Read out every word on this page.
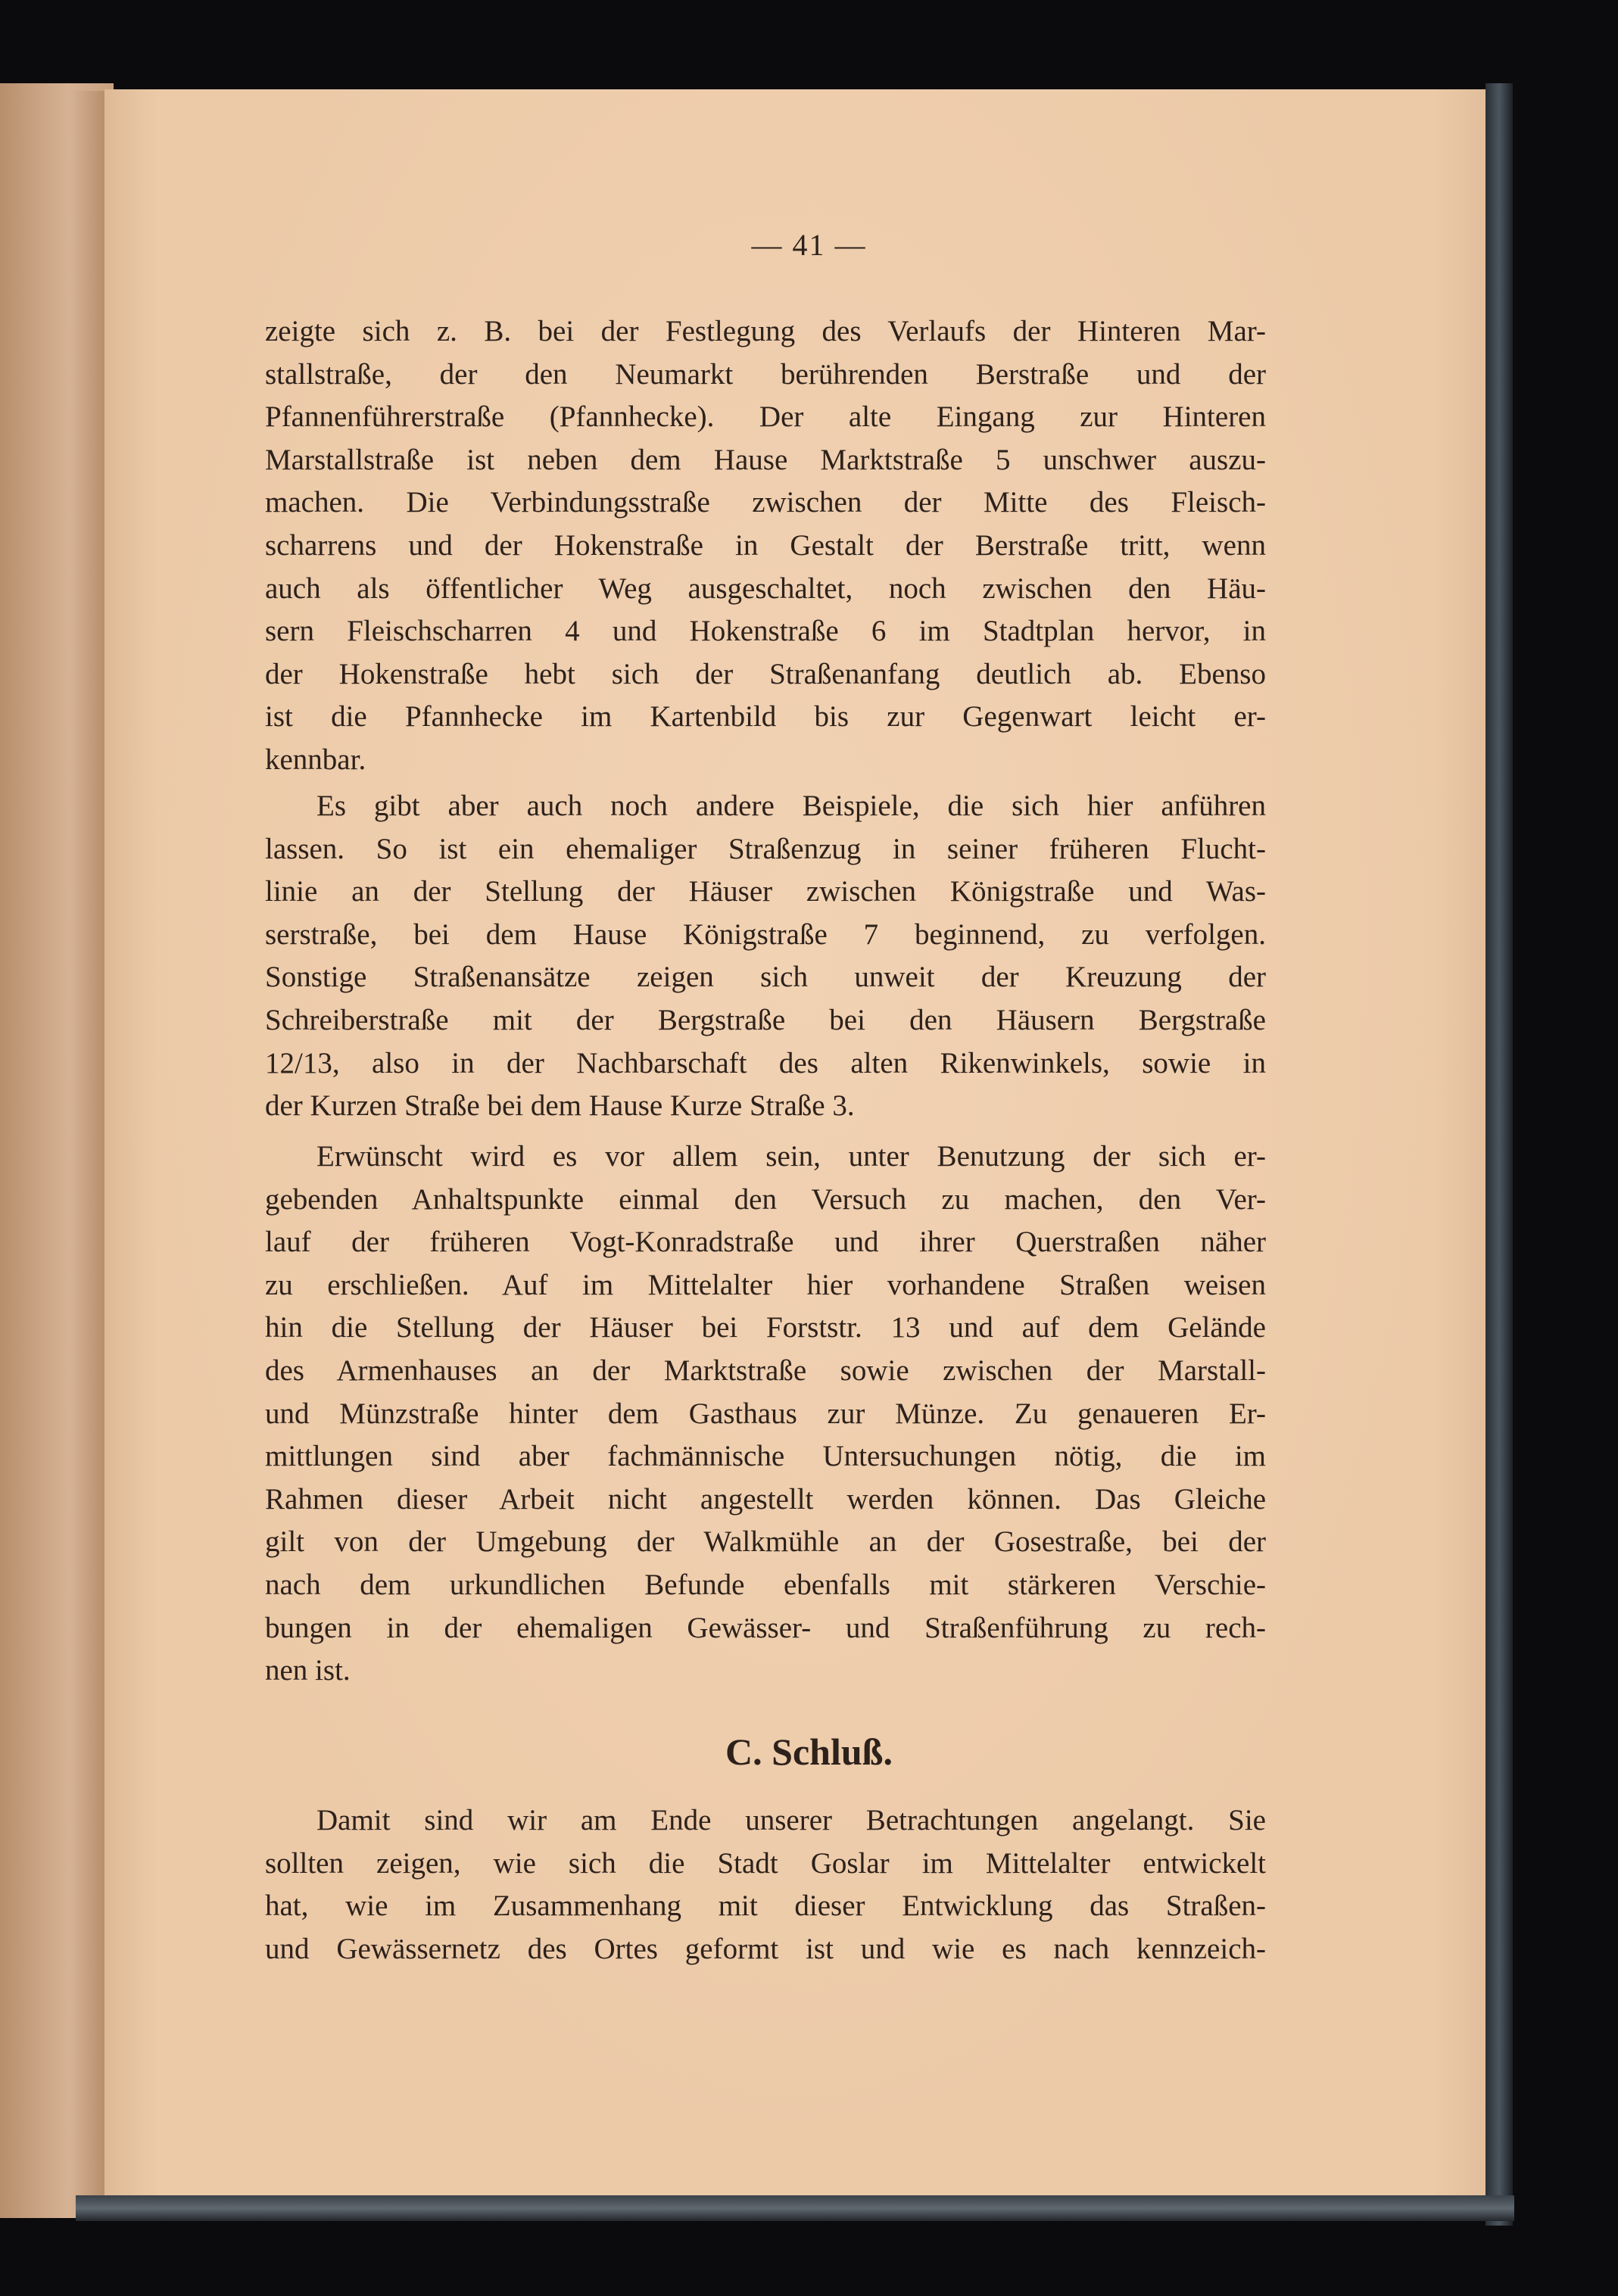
— 41 —
zeigte sich z. B. bei der Festlegung des Verlaufs der Hinteren Mar-
stallstraße, der den Neumarkt berührenden Berstraße und der
Pfannenführerstraße (Pfannhecke). Der alte Eingang zur Hinteren
Marstallstraße ist neben dem Hause Marktstraße 5 unschwer auszu-
machen. Die Verbindungsstraße zwischen der Mitte des Fleisch-
scharrens und der Hokenstraße in Gestalt der Berstraße tritt, wenn
auch als öffentlicher Weg ausgeschaltet, noch zwischen den Häu-
sern Fleischscharren 4 und Hokenstraße 6 im Stadtplan hervor, in
der Hokenstraße hebt sich der Straßenanfang deutlich ab. Ebenso
ist die Pfannhecke im Kartenbild bis zur Gegenwart leicht er-
kennbar.
Es gibt aber auch noch andere Beispiele, die sich hier anführen
lassen. So ist ein ehemaliger Straßenzug in seiner früheren Flucht-
linie an der Stellung der Häuser zwischen Königstraße und Was-
serstraße, bei dem Hause Königstraße 7 beginnend, zu verfolgen.
Sonstige Straßenansätze zeigen sich unweit der Kreuzung der
Schreiberstraße mit der Bergstraße bei den Häusern Bergstraße
12/13, also in der Nachbarschaft des alten Rikenwinkels, sowie in
der Kurzen Straße bei dem Hause Kurze Straße 3.
Erwünscht wird es vor allem sein, unter Benutzung der sich er-
gebenden Anhaltspunkte einmal den Versuch zu machen, den Ver-
lauf der früheren Vogt-Konradstraße und ihrer Querstraßen näher
zu erschließen. Auf im Mittelalter hier vorhandene Straßen weisen
hin die Stellung der Häuser bei Forststr. 13 und auf dem Gelände
des Armenhauses an der Marktstraße sowie zwischen der Marstall-
und Münzstraße hinter dem Gasthaus zur Münze. Zu genaueren Er-
mittlungen sind aber fachmännische Untersuchungen nötig, die im
Rahmen dieser Arbeit nicht angestellt werden können. Das Gleiche
gilt von der Umgebung der Walkmühle an der Gosestraße, bei der
nach dem urkundlichen Befunde ebenfalls mit stärkeren Verschie-
bungen in der ehemaligen Gewässer- und Straßenführung zu rech-
nen ist.
C. Schluß.
Damit sind wir am Ende unserer Betrachtungen angelangt. Sie
sollten zeigen, wie sich die Stadt Goslar im Mittelalter entwickelt
hat, wie im Zusammenhang mit dieser Entwicklung das Straßen-
und Gewässernetz des Ortes geformt ist und wie es nach kennzeich-
